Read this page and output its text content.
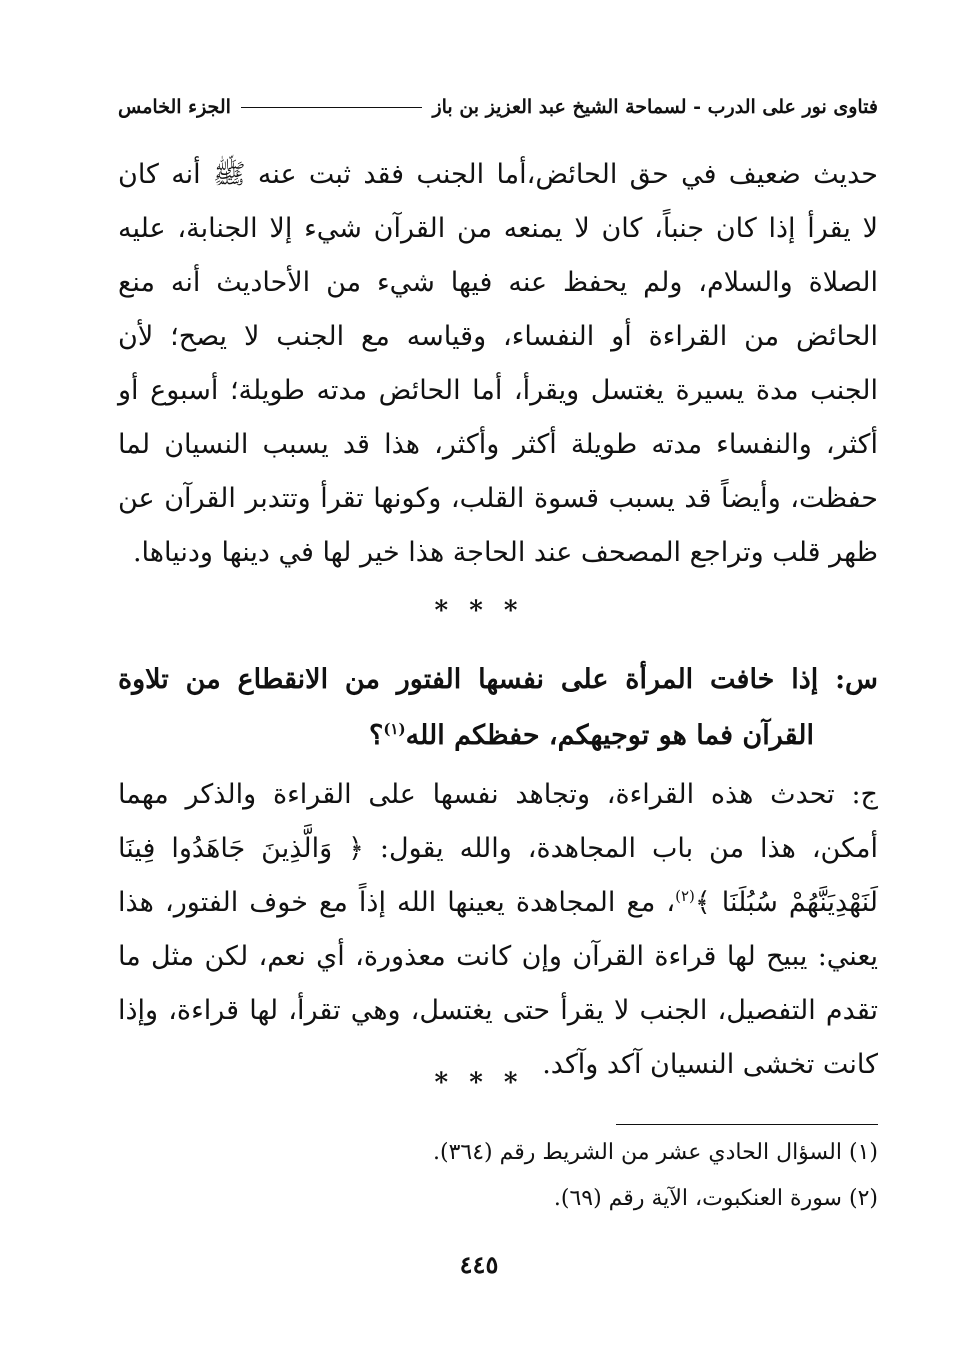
فتاوى نور على الدرب - لسماحة الشيخ عبد العزيز بن باز
الجزء الخامس
حديث ضعيف في حق الحائض،أما الجنب فقد ثبت عنه ﷺ أنه كان
لا يقرأ إذا كان جنباً، كان لا يمنعه من القرآن شيء إلا الجنابة، عليه
الصلاة والسلام، ولم يحفظ عنه فيها شيء من الأحاديث أنه منع
الحائض من القراءة أو النفساء، وقياسه مع الجنب لا يصح؛ لأن
الجنب مدة يسيرة يغتسل ويقرأ، أما الحائض مدته طويلة؛ أسبوع أو
أكثر، والنفساء مدته طويلة أكثر وأكثر، هذا قد يسبب النسيان لما
حفظت، وأيضاً قد يسبب قسوة القلب، وكونها تقرأ وتتدبر القرآن عن
ظهر قلب وتراجع المصحف عند الحاجة هذا خير لها في دينها ودنياها.
* * *
س: إذا خافت المرأة على نفسها الفتور من الانقطاع من تلاوة
القرآن فما هو توجيهكم، حفظكم الله$^{(١)}$؟
ج: تحدث هذه القراءة، وتجاهد نفسها على القراءة والذكر مهما
أمكن، هذا من باب المجاهدة، والله يقول: ﴿ وَالَّذِينَ جَاهَدُوا فِينَا
لَنَهْدِيَنَّهُمْ سُبُلَنَا ﴾$^{(٢)}$، مع المجاهدة يعينها الله إذاً مع خوف الفتور، هذا
يعني: يبيح لها قراءة القرآن وإن كانت معذورة، أي نعم، لكن مثل ما
تقدم التفصيل، الجنب لا يقرأ حتى يغتسل، وهي تقرأ، لها قراءة، وإذا
كانت تخشى النسيان آكد وآكد.
* * *
(١) السؤال الحادي عشر من الشريط رقم (٣٦٤).
(٢) سورة العنكبوت، الآية رقم (٦٩).
٤٤٥
